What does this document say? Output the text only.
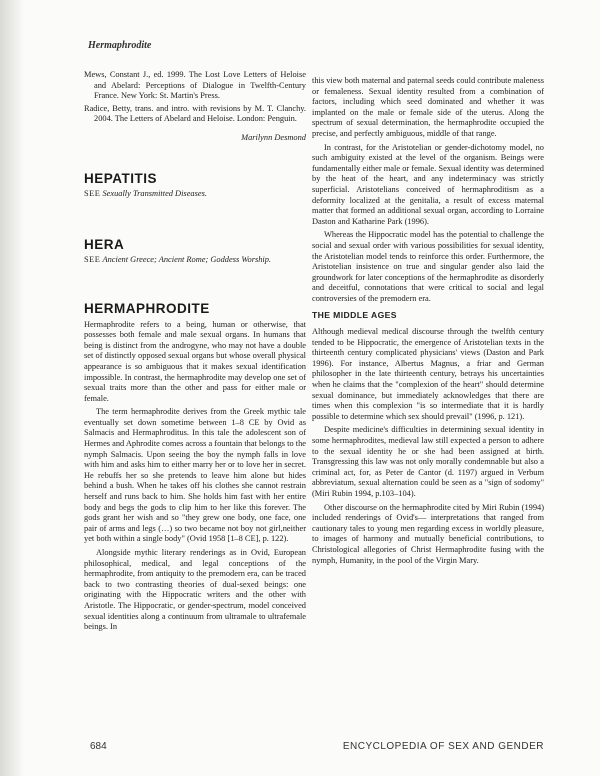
Hermaphrodite

Mews, Constant J., ed. 1999. The Lost Love Letters of Heloise and Abelard: Perceptions of Dialogue in Twelfth-Century France. New York: St. Martin's Press.

Radice, Betty, trans. and intro. with revisions by M. T. Clanchy. 2004. The Letters of Abelard and Heloise. London: Penguin.

Marilynn Desmond

HEPATITIS

SEE Sexually Transmitted Diseases.

HERA

SEE Ancient Greece; Ancient Rome; Goddess Worship.

HERMAPHRODITE

Hermaphrodite refers to a being, human or otherwise, that possesses both female and male sexual organs. In humans that being is distinct from the androgyne, who may not have a double set of distinctly opposed sexual organs but whose overall physical appearance is so ambiguous that it makes sexual identification impossible. In contrast, the hermaphrodite may develop one set of sexual traits more than the other and pass for either male or female.

The term hermaphrodite derives from the Greek mythic tale eventually set down sometime between 1–8 CE by Ovid as Salmacis and Hermaphroditus. In this tale the adolescent son of Hermes and Aphrodite comes across a fountain that belongs to the nymph Salmacis. Upon seeing the boy the nymph falls in love with him and asks him to either marry her or to love her in secret. He rebuffs her so she pretends to leave him alone but hides behind a bush. When he takes off his clothes she cannot restrain herself and runs back to him. She holds him fast with her entire body and begs the gods to clip him to her like this forever. The gods grant her wish and so "they grew one body, one face, one pair of arms and legs (…) so two became not boy not girl,neither yet both within a single body" (Ovid 1958 [1–8 CE], p. 122).

Alongside mythic literary renderings as in Ovid, European philosophical, medical, and legal conceptions of the hermaphrodite, from antiquity to the premodern era, can be traced back to two contrasting theories of dual-sexed beings: one originating with the Hippocratic writers and the other with Aristotle. The Hippocratic, or gender-spectrum, model conceived sexual identities along a continuum from ultramale to ultrafemale beings. In

this view both maternal and paternal seeds could contribute maleness or femaleness. Sexual identity resulted from a combination of factors, including which seed dominated and whether it was implanted on the male or female side of the uterus. Along the spectrum of sexual determination, the hermaphrodite occupied the precise, and perfectly ambiguous, middle of that range.

In contrast, for the Aristotelian or gender-dichotomy model, no such ambiguity existed at the level of the organism. Beings were fundamentally either male or female. Sexual identity was determined by the heat of the heart, and any indeterminacy was strictly superficial. Aristotelians conceived of hermaphroditism as a deformity localized at the genitalia, a result of excess maternal matter that formed an additional sexual organ, according to Lorraine Daston and Katharine Park (1996).

Whereas the Hippocratic model has the potential to challenge the social and sexual order with various possibilities for sexual identity, the Aristotelian model tends to reinforce this order. Furthermore, the Aristotelian insistence on true and singular gender also laid the groundwork for later conceptions of the hermaphrodite as disorderly and deceitful, connotations that were critical to social and legal controversies of the premodern era.

THE MIDDLE AGES

Although medieval medical discourse through the twelfth century tended to be Hippocratic, the emergence of Aristotelian texts in the thirteenth century complicated physicians' views (Daston and Park 1996). For instance, Albertus Magnus, a friar and German philosopher in the late thirteenth century, betrays his uncertainties when he claims that the "complexion of the heart" should determine sexual dominance, but immediately acknowledges that there are times when this complexion "is so intermediate that it is hardly possible to determine which sex should prevail" (1996, p. 121).

Despite medicine's difficulties in determining sexual identity in some hermaphrodites, medieval law still expected a person to adhere to the sexual identity he or she had been assigned at birth. Transgressing this law was not only morally condemnable but also a criminal act, for, as Peter de Cantor (d. 1197) argued in Verbum abbreviatum, sexual alternation could be seen as a "sign of sodomy" (Miri Rubin 1994, p.103–104).

Other discourse on the hermaphrodite cited by Miri Rubin (1994) included renderings of Ovid's— interpretations that ranged from cautionary tales to young men regarding excess in worldly pleasure, to images of harmony and mutually beneficial contributions, to Christological allegories of Christ Hermaphrodite fusing with the nymph, Humanity, in the pool of the Virgin Mary.

684	ENCYCLOPEDIA OF SEX AND GENDER
